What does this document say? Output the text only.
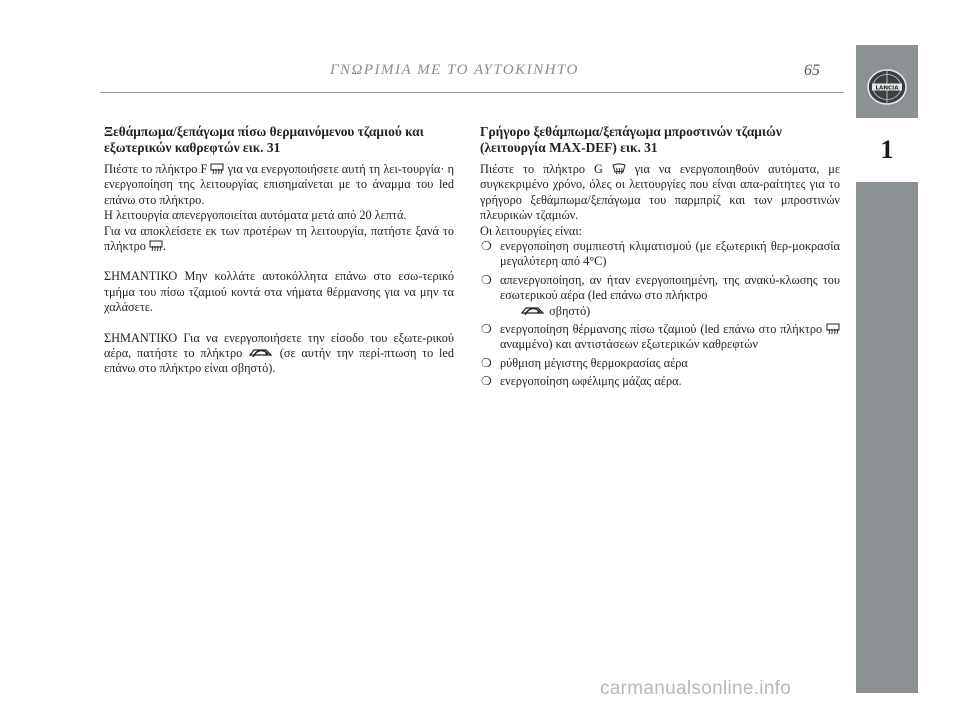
ΓΝΩΡΙΜΙΑ ΜΕ ΤΟ ΑΥΤΟΚΙΝΗΤΟ	65
LANCIA
1
Ξεθάμπωμα/ξεπάγωμα πίσω θερμαινόμενου τζαμιού και εξωτερικών καθρεφτών εικ. 31

Πιέστε το πλήκτρο F για να ενεργοποιήσετε αυτή τη λει-τουργία· η ενεργοποίηση της λειτουργίας επισημαίνεται με το άναμμα του led επάνω στο πλήκτρο.

Η λειτουργία απενεργοποιείται αυτόματα μετά από 20 λεπτά.

Για να αποκλείσετε εκ των προτέρων τη λειτουργία, πατήστε ξανά το πλήκτρο .

ΣΗΜΑΝΤΙΚΟ Μην κολλάτε αυτοκόλλητα επάνω στο εσω-τερικό τμήμα του πίσω τζαμιού κοντά στα νήματα θέρμανσης για να μην τα χαλάσετε.

ΣΗΜΑΝΤΙΚΟ Για να ενεργοποιήσετε την είσοδο του εξωτε-ρικού αέρα, πατήστε το πλήκτρο	(σε αυτήν την περί-πτωση το led επάνω στο πλήκτρο είναι σβηστό).

Γρήγορο ξεθάμπωμα/ξεπάγωμα μπροστινών τζαμιών (λειτουργία MAX-DEF) εικ. 31

Πιέστε το πλήκτρο G	για να ενεργοποιηθούν αυτόματα, με συγκεκριμένο χρόνο, όλες οι λειτουργίες που είναι απα-ραίτητες για το γρήγορο ξεθάμπωμα/ξεπάγωμα του παρμπρίζ και των μπροστινών πλευρικών τζαμιών.

Οι λειτουργίες είναι:

❍ ενεργοποίηση συμπιεστή κλιματισμού (με εξωτερική θερ-μοκρασία μεγαλύτερη από 4°C)
❍ απενεργοποίηση, αν ήταν ενεργοποιημένη, της ανακύ-κλωσης του εσωτερικού αέρα (led επάνω στο πλήκτρο
σβηστό)
❍ ενεργοποίηση θέρμανσης πίσω τζαμιού (led επάνω στο πλήκτρο  αναμμένο) και αντιστάσεων εξωτερικών καθρεφτών
❍ ρύθμιση μέγιστης θερμοκρασίας αέρα
❍ ενεργοποίηση ωφέλιμης μάζας αέρα.
carmanualsonline.info
